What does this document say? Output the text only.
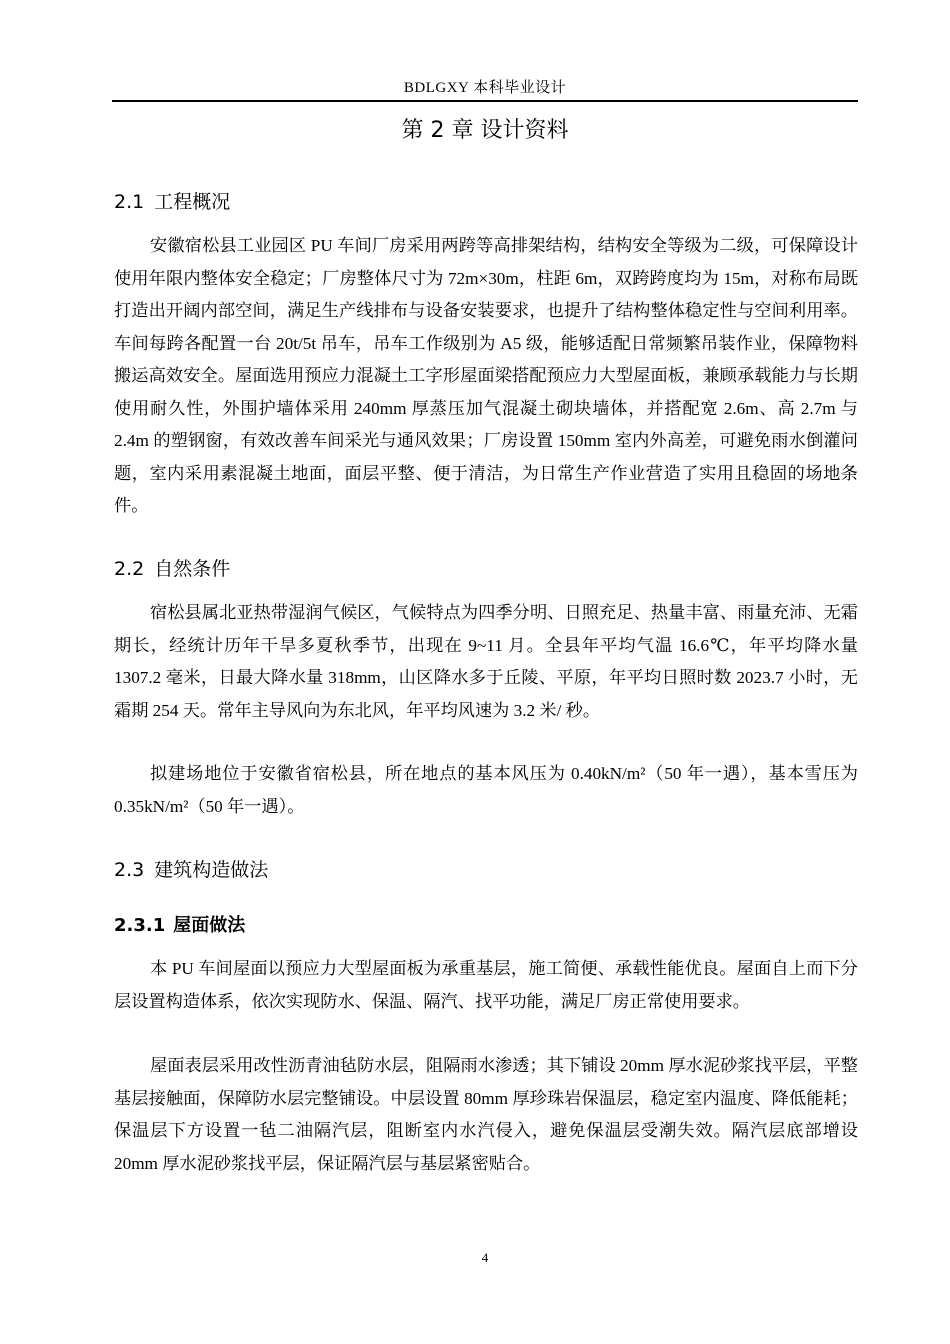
BDLGXY 本科毕业设计
第 2 章 设计资料
2.1 工程概况

安徽宿松县工业园区 PU 车间厂房采用两跨等高排架结构，结构安全等级为二级，可保障设计使用年限内整体安全稳定；厂房整体尺寸为 72m×30m，柱距 6m，双跨跨度均为 15m，对称布局既打造出开阔内部空间，满足生产线排布与设备安装要求，也提升了结构整体稳定性与空间利用率。车间每跨各配置一台 20t/5t 吊车，吊车工作级别为 A5 级，能够适配日常频繁吊装作业，保障物料搬运高效安全。屋面选用预应力混凝土工字形屋面梁搭配预应力大型屋面板，兼顾承载能力与长期使用耐久性，外围护墙体采用 240mm 厚蒸压加气混凝土砌块墙体，并搭配宽 2.6m、高 2.7m 与 2.4m 的塑钢窗，有效改善车间采光与通风效果；厂房设置 150mm 室内外高差，可避免雨水倒灌问题，室内采用素混凝土地面，面层平整、便于清洁，为日常生产作业营造了实用且稳固的场地条件。

2.2 自然条件

宿松县属北亚热带湿润气候区，气候特点为四季分明、日照充足、热量丰富、雨量充沛、无霜期长，经统计历年干旱多夏秋季节，出现在 9~11 月。全县年平均气温 16.6℃，年平均降水量 1307.2 毫米，日最大降水量 318mm，山区降水多于丘陵、平原，年平均日照时数 2023.7 小时，无霜期 254 天。常年主导风向为东北风，年平均风速为 3.2 米/ 秒。

拟建场地位于安徽省宿松县，所在地点的基本风压为 0.40kN/m²（50 年一遇），基本雪压为 0.35kN/m²（50 年一遇）。

2.3 建筑构造做法
2.3.1 屋面做法

本 PU 车间屋面以预应力大型屋面板为承重基层，施工简便、承载性能优良。屋面自上而下分层设置构造体系，依次实现防水、保温、隔汽、找平功能，满足厂房正常使用要求。

屋面表层采用改性沥青油毡防水层，阻隔雨水渗透；其下铺设 20mm 厚水泥砂浆找平层，平整基层接触面，保障防水层完整铺设。中层设置 80mm 厚珍珠岩保温层，稳定室内温度、降低能耗；保温层下方设置一毡二油隔汽层，阻断室内水汽侵入，避免保温层受潮失效。隔汽层底部增设 20mm 厚水泥砂浆找平层，保证隔汽层与基层紧密贴合。

4
